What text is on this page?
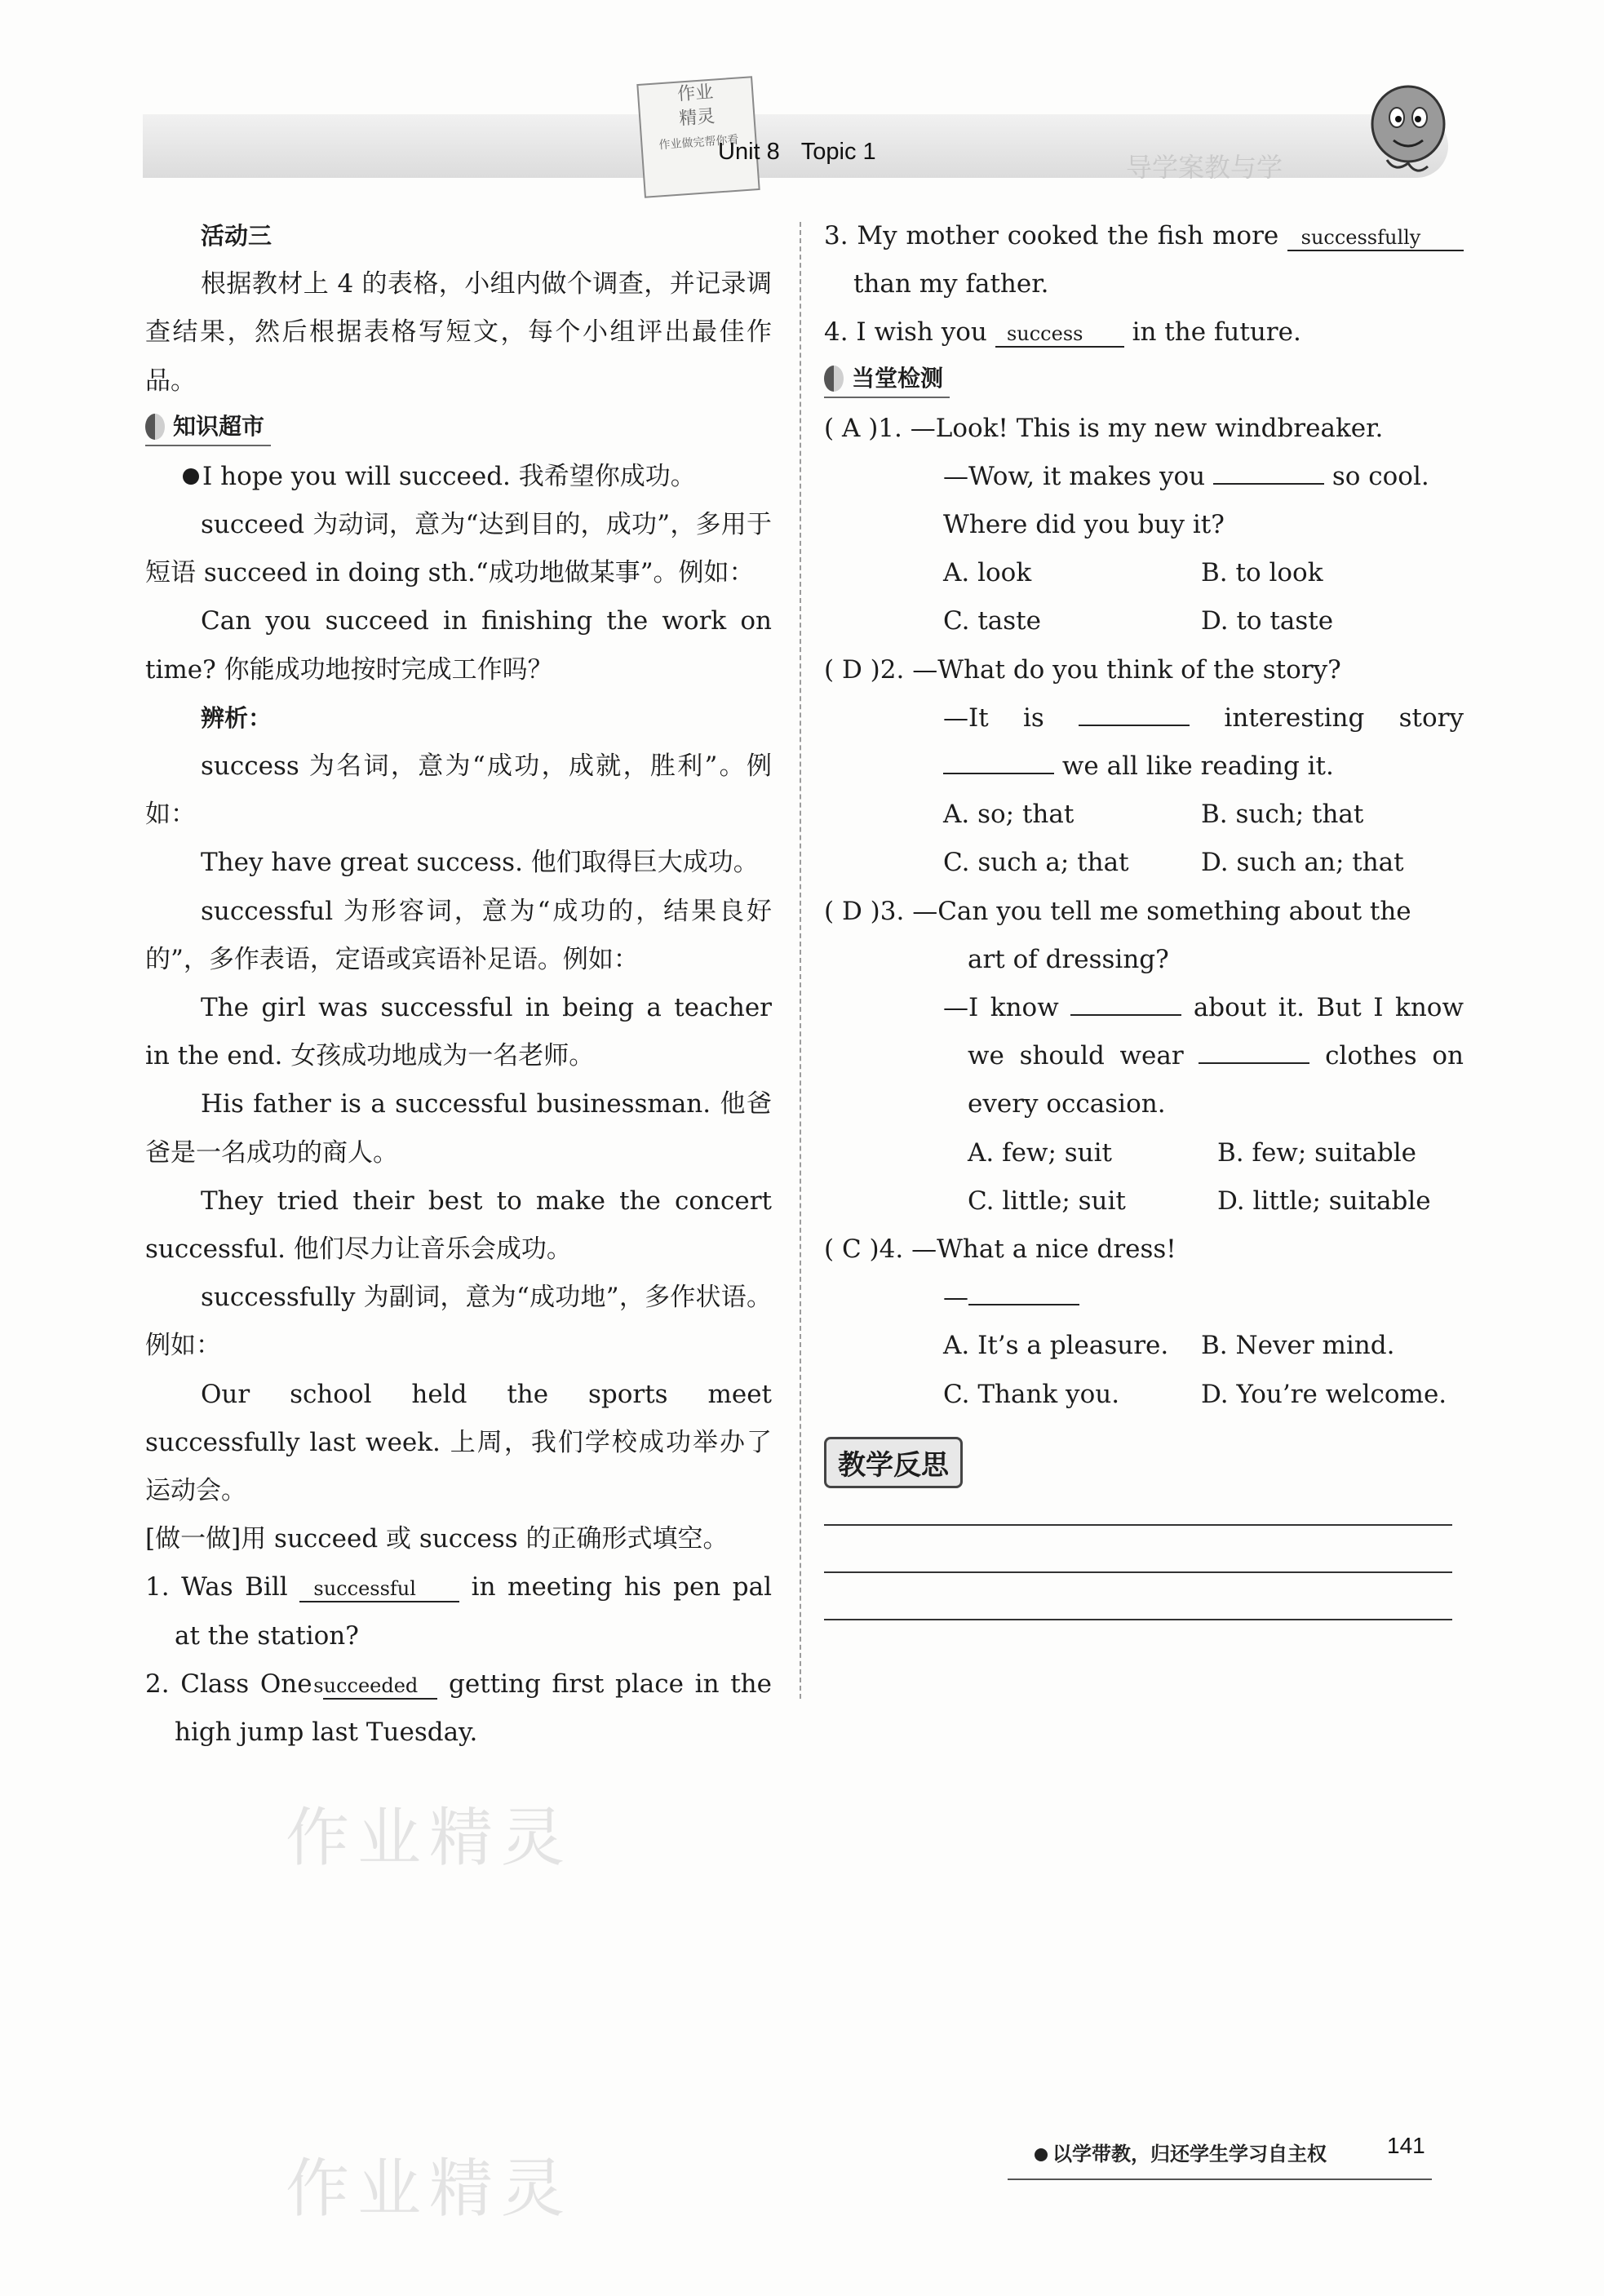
作业
精灵
作业做完帮你看
Unit 8 Topic 1	导学案教与学

活动三

根据教材上 4 的表格，小组内做个调查，并记录调查结果，然后根据表格写短文，每个小组评出最佳作品。

知识超市

I hope you will succeed. 我希望你成功。

succeed 为动词，意为“达到目的，成功”，多用于短语 succeed in doing sth.“成功地做某事”。例如：

Can you succeed in finishing the work on time? 你能成功地按时完成工作吗？

辨析：

success 为名词，意为“成功，成就，胜利”。例如：

They have great success. 他们取得巨大成功。

successful 为形容词，意为“成功的，结果良好的”，多作表语，定语或宾语补足语。例如：

The girl was successful in being a teacher in the end. 女孩成功地成为一名老师。

His father is a successful businessman. 他爸爸是一名成功的商人。

They tried their best to make the concert successful. 他们尽力让音乐会成功。

successfully 为副词，意为“成功地”，多作状语。例如：

Our school held the sports meet successfully last week. 上周，我们学校成功举办了运动会。

[做一做]用 succeed 或 success 的正确形式填空。

1. Was Bill successful in meeting his pen pal at the station?

2. Class One succeeded getting first place in the high jump last Tuesday.

3. My mother cooked the fish more successfully than my father.

4. I wish you success in the future.

当堂检测

( A )1. —Look! This is my new windbreaker.

—Wow, it makes you	so cool.

Where did you buy it?

A. look	B. to look

C. taste	D. to taste

( D )2. —What do you think of the story?

—It is	interesting story

we all like reading it.

A. so; that	B. such; that

C. such a; that	D. such an; that

( D )3. —Can you tell me something about the

art of dressing?

—I know	about it. But I know

we should wear	clothes on

every occasion.

A. few; suit	B. few; suitable

C. little; suit	D. little; suitable

( C )4. —What a nice dress!

—

A. It’s a pleasure. B. Never mind.

C. Thank you.	D. You’re welcome.

教学反思
作业精灵
作业精灵	以学带教，归还学生学习自主权	141
